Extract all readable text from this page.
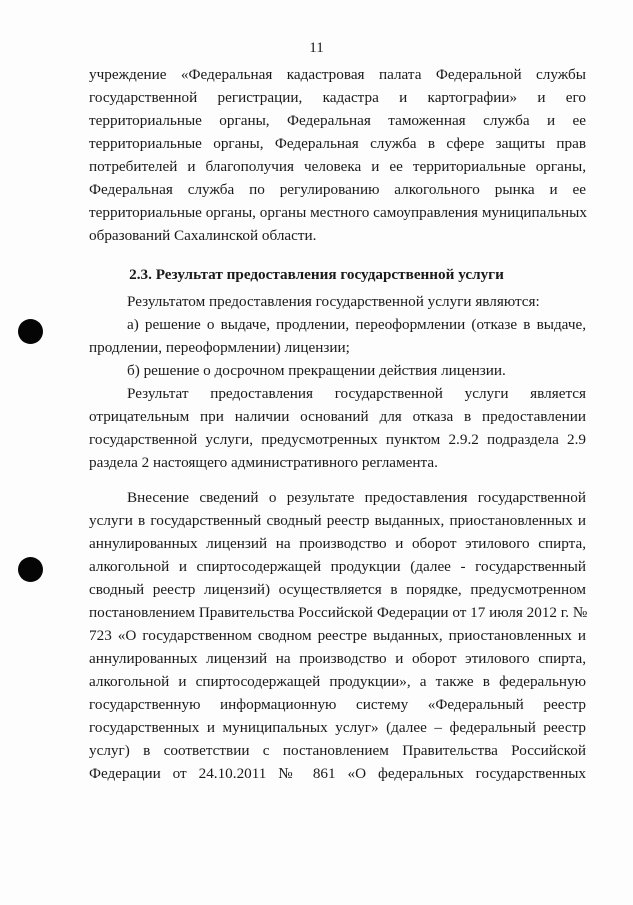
11
учреждение «Федеральная кадастровая палата Федеральной службы
государственной регистрации, кадастра и картографии» и его
территориальные органы, Федеральная таможенная служба и ее
территориальные органы, Федеральная служба в сфере защиты прав
потребителей и благополучия человека и ее территориальные органы,
Федеральная служба по регулированию алкогольного рынка и ее
территориальные органы, органы местного самоуправления муниципальных
образований Сахалинской области.
2.3. Результат предоставления государственной услуги
Результатом предоставления государственной услуги являются:
а) решение о выдаче, продлении, переоформлении (отказе в выдаче,
продлении, переоформлении) лицензии;
б) решение о досрочном прекращении действия лицензии.
Результат предоставления государственной услуги является
отрицательным при наличии оснований для отказа в предоставлении
государственной услуги, предусмотренных пунктом 2.9.2 подраздела 2.9
раздела 2 настоящего административного регламента.
Внесение сведений о результате предоставления государственной
услуги в государственный сводный реестр выданных, приостановленных и
аннулированных лицензий на производство и оборот этилового спирта,
алкогольной и спиртосодержащей продукции (далее - государственный
сводный реестр лицензий) осуществляется в порядке, предусмотренном
постановлением Правительства Российской Федерации от 17 июля 2012 г. №
723 «О государственном сводном реестре выданных, приостановленных и
аннулированных лицензий на производство и оборот этилового спирта,
алкогольной и спиртосодержащей продукции», а также в федеральную
государственную информационную систему «Федеральный реестр
государственных и муниципальных услуг» (далее – федеральный реестр
услуг) в соответствии с постановлением Правительства Российской
Федерации от 24.10.2011 № 861 «О федеральных государственных
